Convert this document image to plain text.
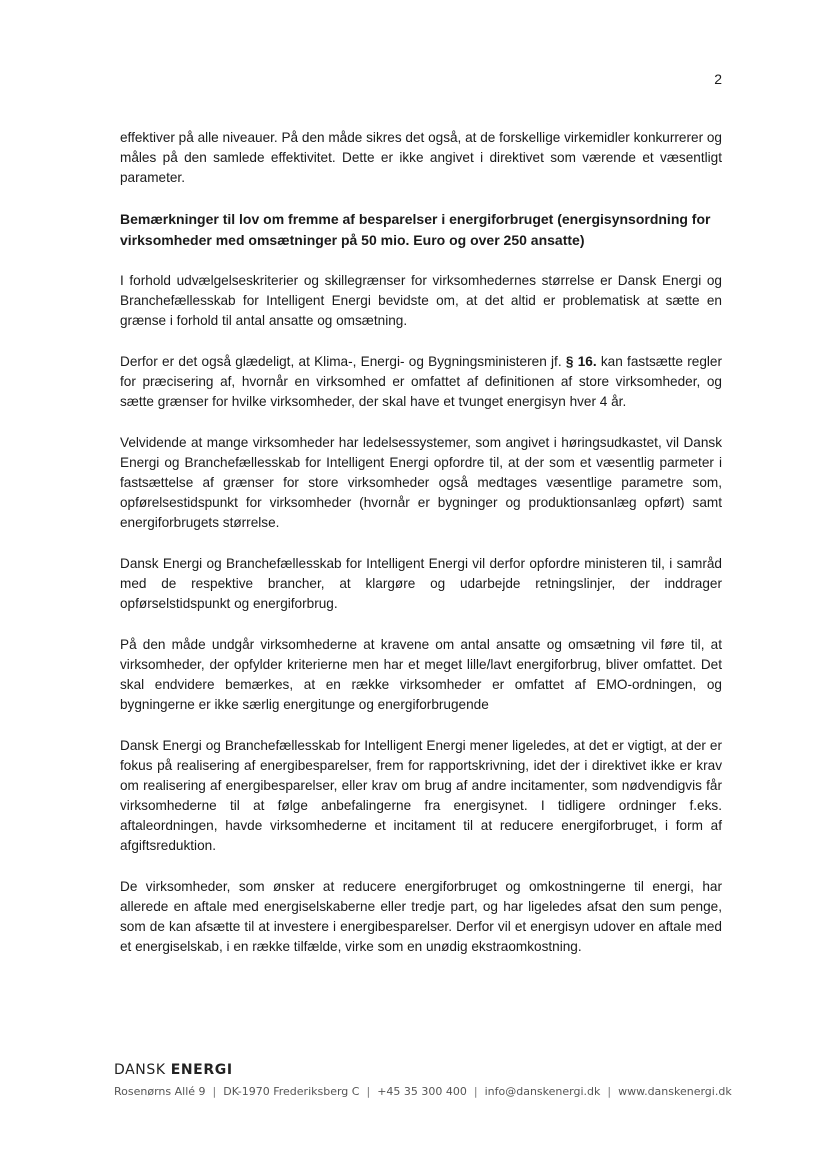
2

effektiver på alle niveauer. På den måde sikres det også, at de forskellige virkemidler konkurrerer og måles på den samlede effektivitet. Dette er ikke angivet i direktivet som værende et væsentligt parameter.

Bemærkninger til lov om fremme af besparelser i energiforbruget (energisynsordning for virksomheder med omsætninger på 50 mio. Euro og over 250 ansatte)

I forhold udvælgelseskriterier og skillegrænser for virksomhedernes størrelse er Dansk Energi og Branchefællesskab for Intelligent Energi bevidste om, at det altid er problematisk at sætte en grænse i forhold til antal ansatte og omsætning.

Derfor er det også glædeligt, at Klima-, Energi- og Bygningsministeren jf. § 16. kan fastsætte regler for præcisering af, hvornår en virksomhed er omfattet af definitionen af store virksomheder, og sætte grænser for hvilke virksomheder, der skal have et tvunget energisyn hver 4 år.

Velvidende at mange virksomheder har ledelsessystemer, som angivet i høringsudkastet, vil Dansk Energi og Branchefællesskab for Intelligent Energi opfordre til, at der som et væsentlig parmeter i fastsættelse af grænser for store virksomheder også medtages væsentlige parametre som, opførelsestidspunkt for virksomheder (hvornår er bygninger og produktionsanlæg opført) samt energiforbrugets størrelse.

Dansk Energi og Branchefællesskab for Intelligent Energi vil derfor opfordre ministeren til, i samråd med de respektive brancher, at klargøre og udarbejde retningslinjer, der inddrager opførselstidspunkt og energiforbrug.

På den måde undgår virksomhederne at kravene om antal ansatte og omsætning vil føre til, at virksomheder, der opfylder kriterierne men har et meget lille/lavt energiforbrug, bliver omfattet. Det skal endvidere bemærkes, at en række virksomheder er omfattet af EMO-ordningen, og bygningerne er ikke særlig energitunge og energiforbrugende

Dansk Energi og Branchefællesskab for Intelligent Energi mener ligeledes, at det er vigtigt, at der er fokus på realisering af energibesparelser, frem for rapportskrivning, idet der i direktivet ikke er krav om realisering af energibesparelser, eller krav om brug af andre incitamenter, som nødvendigvis får virksomhederne til at følge anbefalingerne fra energisynet. I tidligere ordninger f.eks. aftaleordningen, havde virksomhederne et incitament til at reducere energiforbruget, i form af afgiftsreduktion.

De virksomheder, som ønsker at reducere energiforbruget og omkostningerne til energi, har allerede en aftale med energiselskaberne eller tredje part, og har ligeledes afsat den sum penge, som de kan afsætte til at investere i energibesparelser. Derfor vil et energisyn udover en aftale med et energiselskab, i en række tilfælde, virke som en unødig ekstraomkostning.

DANSK ENERGI
Rosenørns Allé 9 | DK-1970 Frederiksberg C | +45 35 300 400 | info@danskenergi.dk | www.danskenergi.dk
